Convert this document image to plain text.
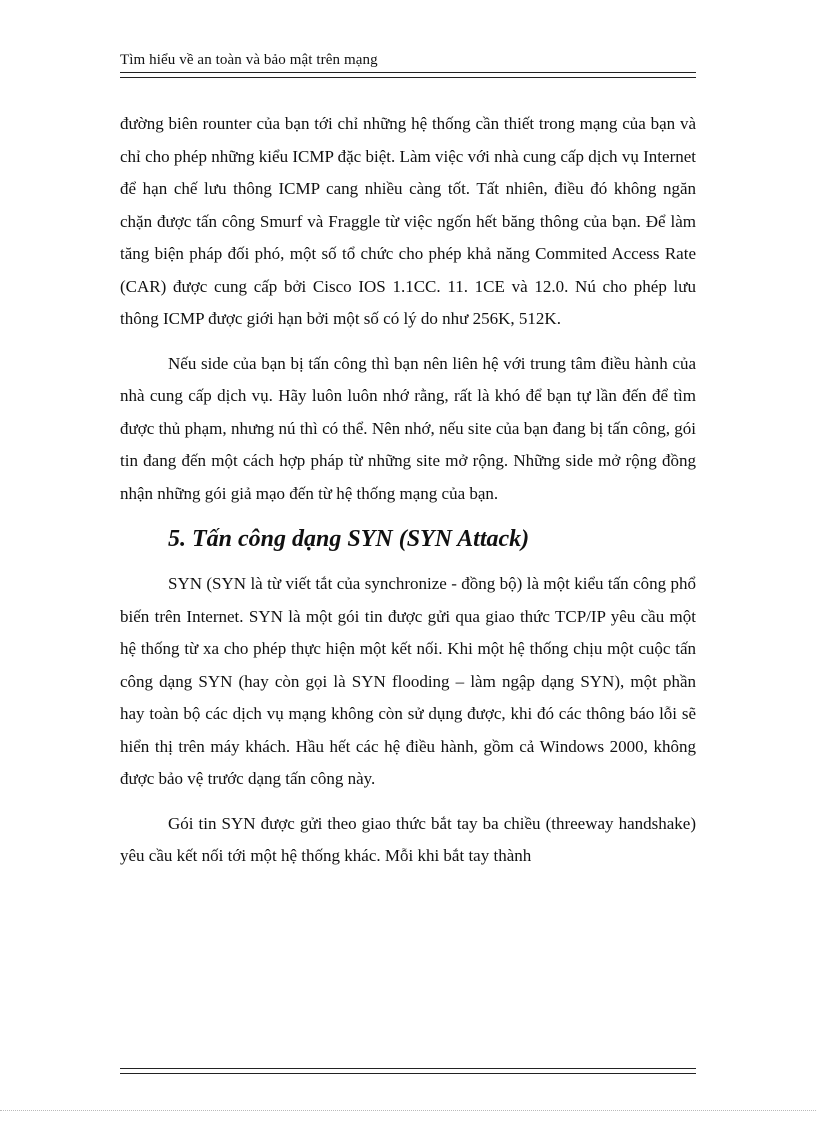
Tìm hiểu về an toàn và bảo mật trên mạng

đường biên rounter của bạn tới chỉ những hệ thống cần thiết trong mạng của bạn và chỉ cho phép những kiểu ICMP đặc biệt. Làm việc với nhà cung cấp dịch vụ Internet để hạn chế lưu thông ICMP cang nhiều càng tốt. Tất nhiên, điều đó không ngăn chặn được tấn công Smurf và Fraggle từ việc ngốn hết băng thông của bạn. Để làm tăng biện pháp đối phó, một số tổ chức cho phép khả năng Commited Access Rate (CAR) được cung cấp bởi Cisco IOS 1.1CC. 11. 1CE và 12.0. Nú cho phép lưu thông ICMP được giới hạn bởi một số có lý do như 256K, 512K.

Nếu side của bạn bị tấn công thì bạn nên liên hệ với trung tâm điều hành của nhà cung cấp dịch vụ. Hãy luôn luôn nhớ rằng, rất là khó để bạn tự lần đến để tìm được thủ phạm, nhưng nú thì có thể. Nên nhớ, nếu site của bạn đang bị tấn công, gói tin đang đến một cách hợp pháp từ những site mở rộng. Những side mở rộng đồng nhận những gói giả mạo đến từ hệ thống mạng của bạn.

5. Tấn công dạng SYN (SYN Attack)

SYN (SYN là từ viết tắt của synchronize - đồng bộ) là một kiểu tấn công phổ biến trên Internet. SYN là một gói tin được gửi qua giao thức TCP/IP yêu cầu một hệ thống từ xa cho phép thực hiện một kết nối. Khi một hệ thống chịu một cuộc tấn công dạng SYN (hay còn gọi là SYN flooding – làm ngập dạng SYN), một phần hay toàn bộ các dịch vụ mạng không còn sử dụng được, khi đó các thông báo lỗi sẽ hiển thị trên máy khách. Hầu hết các hệ điều hành, gồm cả Windows 2000, không được bảo vệ trước dạng tấn công này.

Gói tin SYN được gửi theo giao thức bắt tay ba chiều (threeway handshake) yêu cầu kết nối tới một hệ thống khác. Mỗi khi bắt tay thành
